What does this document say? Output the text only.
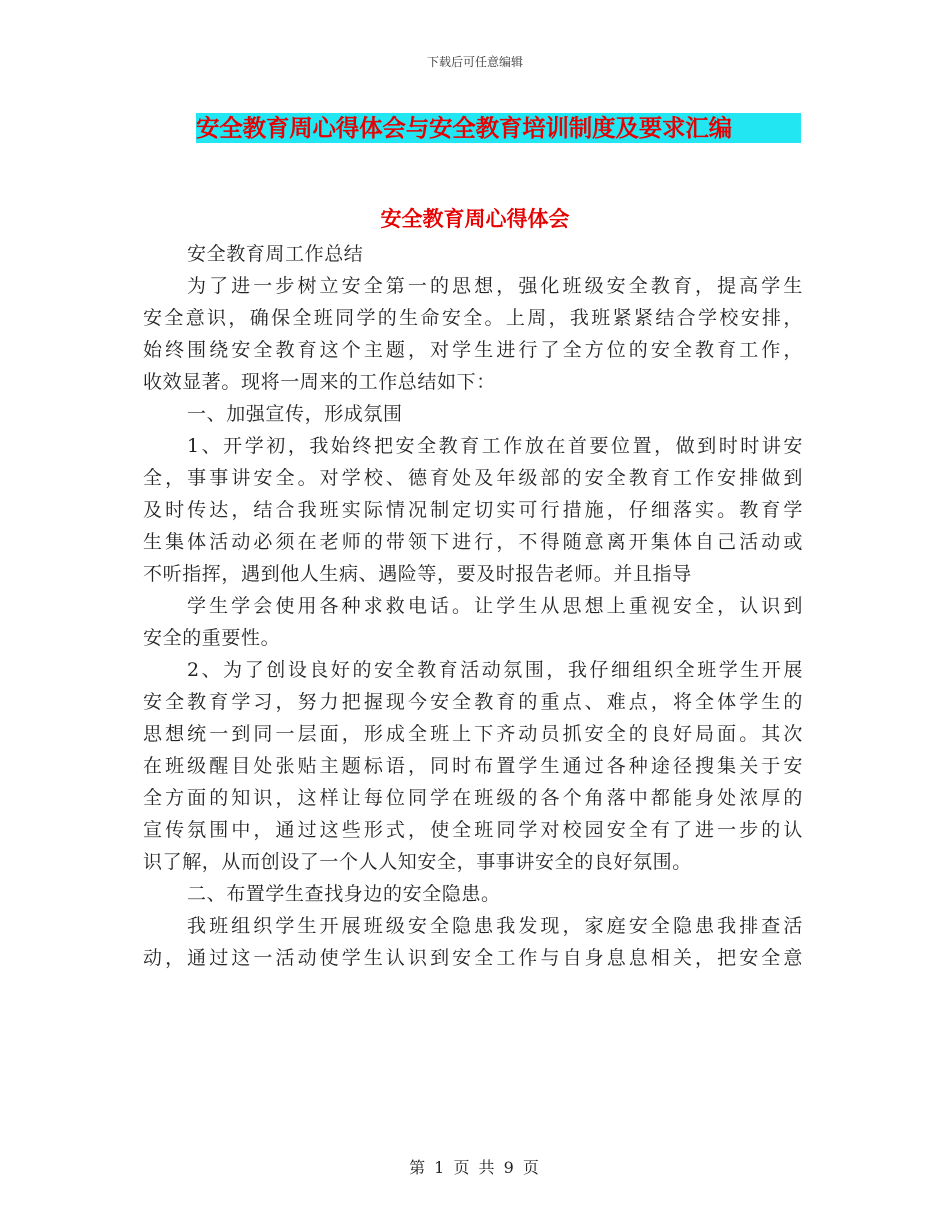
下载后可任意编辑
安全教育周心得体会与安全教育培训制度及要求汇编
安全教育周心得体会
安全教育周工作总结
为了进一步树立安全第一的思想，强化班级安全教育，提高学生
安全意识，确保全班同学的生命安全。上周，我班紧紧结合学校安排，
始终围绕安全教育这个主题，对学生进行了全方位的安全教育工作，
收效显著。现将一周来的工作总结如下：
一、加强宣传，形成氛围
1、开学初，我始终把安全教育工作放在首要位置，做到时时讲安
全，事事讲安全。对学校、德育处及年级部的安全教育工作安排做到
及时传达，结合我班实际情况制定切实可行措施，仔细落实。教育学
生集体活动必须在老师的带领下进行，不得随意离开集体自己活动或
不听指挥，遇到他人生病、遇险等，要及时报告老师。并且指导
学生学会使用各种求救电话。让学生从思想上重视安全，认识到
安全的重要性。
2、为了创设良好的安全教育活动氛围，我仔细组织全班学生开展
安全教育学习，努力把握现今安全教育的重点、难点，将全体学生的
思想统一到同一层面，形成全班上下齐动员抓安全的良好局面。其次
在班级醒目处张贴主题标语，同时布置学生通过各种途径搜集关于安
全方面的知识，这样让每位同学在班级的各个角落中都能身处浓厚的
宣传氛围中，通过这些形式，使全班同学对校园安全有了进一步的认
识了解，从而创设了一个人人知安全，事事讲安全的良好氛围。
二、布置学生查找身边的安全隐患。
我班组织学生开展班级安全隐患我发现，家庭安全隐患我排查活
动，通过这一活动使学生认识到安全工作与自身息息相关，把安全意
第 1 页 共 9 页
